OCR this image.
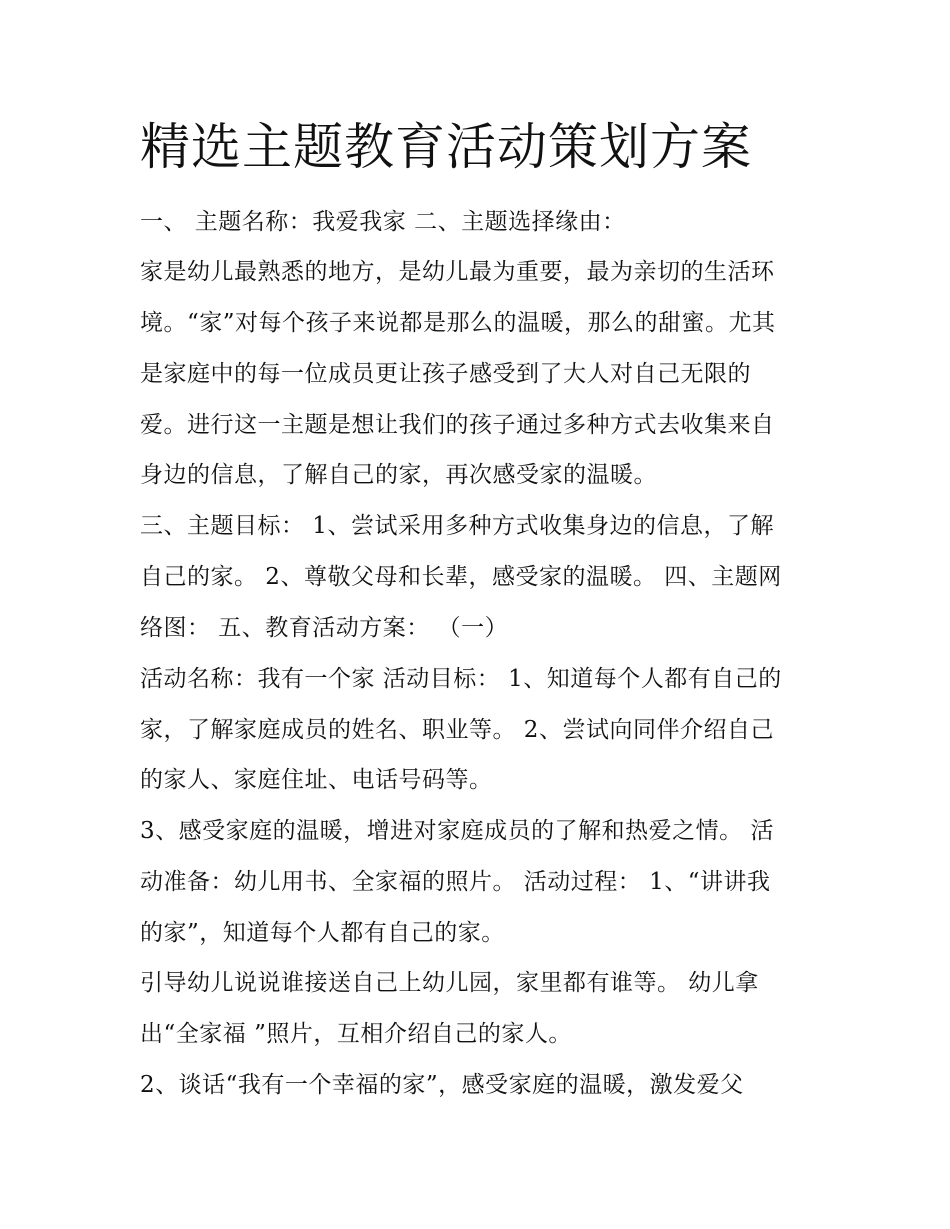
精选主题教育活动策划方案
一、 主题名称：我爱我家 二、主题选择缘由：
家是幼儿最熟悉的地方，是幼儿最为重要，最为亲切的生活环
境。“家”对每个孩子来说都是那么的温暖，那么的甜蜜。尤其
是家庭中的每一位成员更让孩子感受到了大人对自己无限的
爱。进行这一主题是想让我们的孩子通过多种方式去收集来自
身边的信息，了解自己的家，再次感受家的温暖。
三、主题目标： 1、尝试采用多种方式收集身边的信息，了解
自己的家。 2、尊敬父母和长辈，感受家的温暖。 四、主题网
络图： 五、教育活动方案： （一）
活动名称：我有一个家 活动目标： 1、知道每个人都有自己的
家，了解家庭成员的姓名、职业等。 2、尝试向同伴介绍自己
的家人、家庭住址、电话号码等。
3、感受家庭的温暖，增进对家庭成员的了解和热爱之情。 活
动准备：幼儿用书、全家福的照片。 活动过程： 1、“讲讲我
的家”，知道每个人都有自己的家。
引导幼儿说说谁接送自己上幼儿园，家里都有谁等。 幼儿拿
出“全家福 ”照片，互相介绍自己的家人。
2、谈话“我有一个幸福的家”，感受家庭的温暖，激发爱父
